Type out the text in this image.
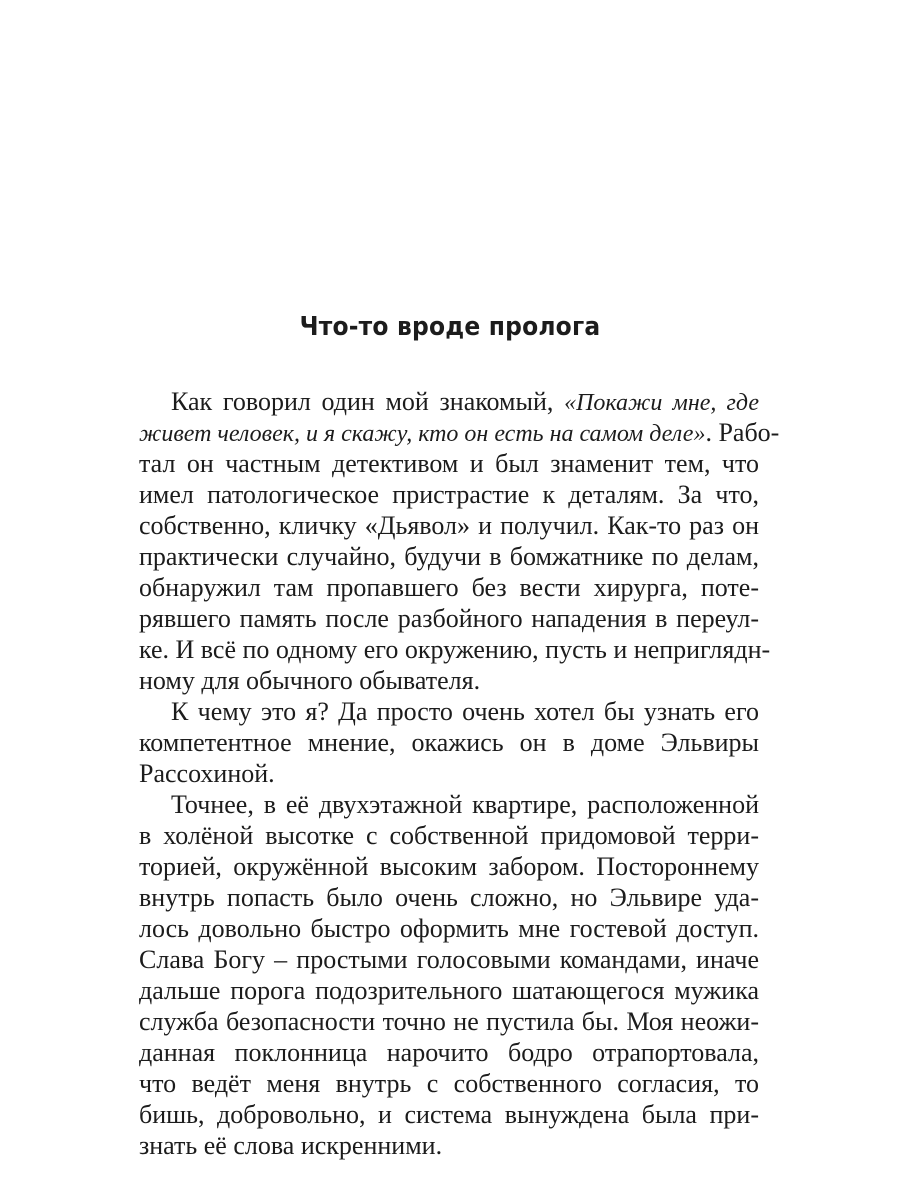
Что-то вроде пролога
Как говорил один мой знакомый, «Покажи мне, где
живет человек, и я скажу, кто он есть на самом деле». Рабо-
тал он частным детективом и был знаменит тем, что
имел патологическое пристрастие к деталям. За что,
собственно, кличку «Дьявол» и получил. Как-то раз он
практически случайно, будучи в бомжатнике по делам,
обнаружил там пропавшего без вести хирурга, поте-
рявшего память после разбойного нападения в переул-
ке. И всё по одному его окружению, пусть и неприглядн-
ному для обычного обывателя.
К чему это я? Да просто очень хотел бы узнать его
компетентное мнение, окажись он в доме Эльвиры
Рассохиной.
Точнее, в её двухэтажной квартире, расположенной
в холёной высотке с собственной придомовой терри-
торией, окружённой высоким забором. Постороннему
внутрь попасть было очень сложно, но Эльвире уда-
лось довольно быстро оформить мне гостевой доступ.
Слава Богу – простыми голосовыми командами, иначе
дальше порога подозрительного шатающегося мужика
служба безопасности точно не пустила бы. Моя неожи-
данная поклонница нарочито бодро отрапортовала,
что ведёт меня внутрь с собственного согласия, то
бишь, добровольно, и система вынуждена была при-
знать её слова искренними.
